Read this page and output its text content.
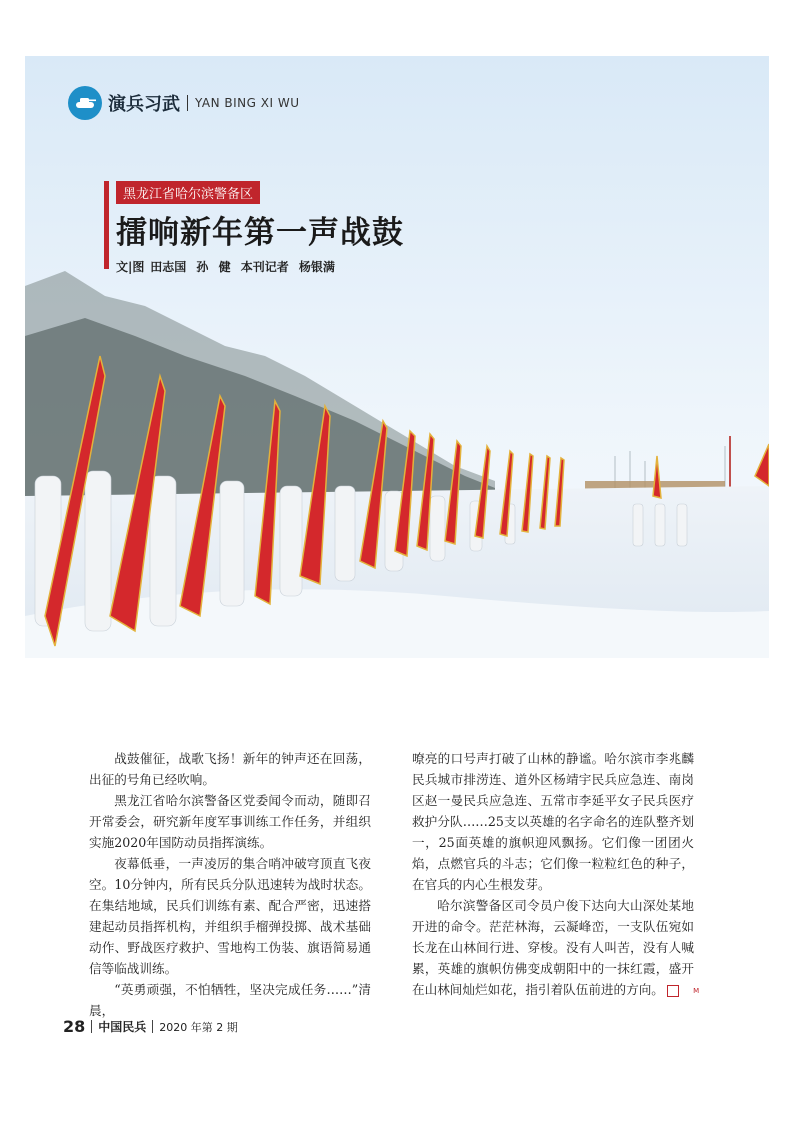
演兵习武 YAN BING XI WU
黑龙江省哈尔滨警备区
擂响新年第一声战鼓
文|图 田志国 孙 健 本刊记者 杨银满

战鼓催征，战歌飞扬！新年的钟声还在回荡，出征的号角已经吹响。

黑龙江省哈尔滨警备区党委闻令而动，随即召开常委会，研究新年度军事训练工作任务，并组织实施2020年国防动员指挥演练。

夜幕低垂，一声凌厉的集合哨冲破穹顶直飞夜空。10分钟内，所有民兵分队迅速转为战时状态。在集结地域，民兵们训练有素、配合严密，迅速搭建起动员指挥机构，并组织手榴弹投掷、战术基础动作、野战医疗救护、雪地构工伪装、旗语简易通信等临战训练。

“英勇顽强，不怕牺牲，坚决完成任务……”清晨，

嘹亮的口号声打破了山林的静谧。哈尔滨市李兆麟民兵城市排涝连、道外区杨靖宇民兵应急连、南岗区赵一曼民兵应急连、五常市李延平女子民兵医疗救护分队……25支以英雄的名字命名的连队整齐划一，25面英雄的旗帜迎风飘扬。它们像一团团火焰，点燃官兵的斗志；它们像一粒粒红色的种子，在官兵的内心生根发芽。

哈尔滨警备区司令员户俊下达向大山深处某地开进的命令。茫茫林海，云凝峰峦，一支队伍宛如长龙在山林间行进、穿梭。没有人叫苦，没有人喊累，英雄的旗帜仿佛变成朝阳中的一抹红霞，盛开在山林间灿烂如花，指引着队伍前进的方向。	M

28 中国民兵 2020 年第 2 期
